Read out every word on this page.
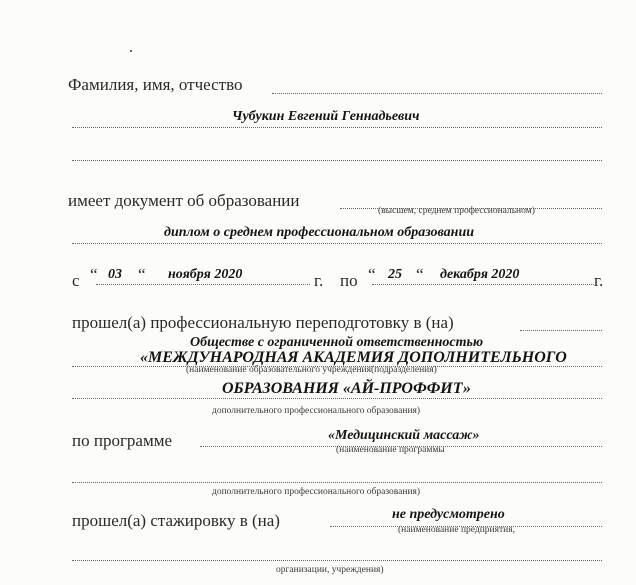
Фамилия, имя, отчество
Чубукин Евгений Геннадьевич
имеет документ об образовании
(высшем, среднем профессиональном)
диплом о среднем профессиональном образовании
с “ 03 “ ноября 2020	г. по “ 25 “ декабря 2020	г.
прошел(а) профессиональную переподготовку в (на)
Обществе с ограниченной ответственностью
«МЕЖДУНАРОДНАЯ АКАДЕМИЯ ДОПОЛНИТЕЛЬНОГО
(наименование образовательного учреждения(подразделения)
ОБРАЗОВАНИЯ «АЙ-ПРОФФИТ»
дополнительного профессионального образования)
по программе	«Медицинский массаж»
(наименование программы
дополнительного профессионального образования)
прошел(а) стажировку в (на)	не предусмотрено
(наименование предприятия,
организации, учреждения)
